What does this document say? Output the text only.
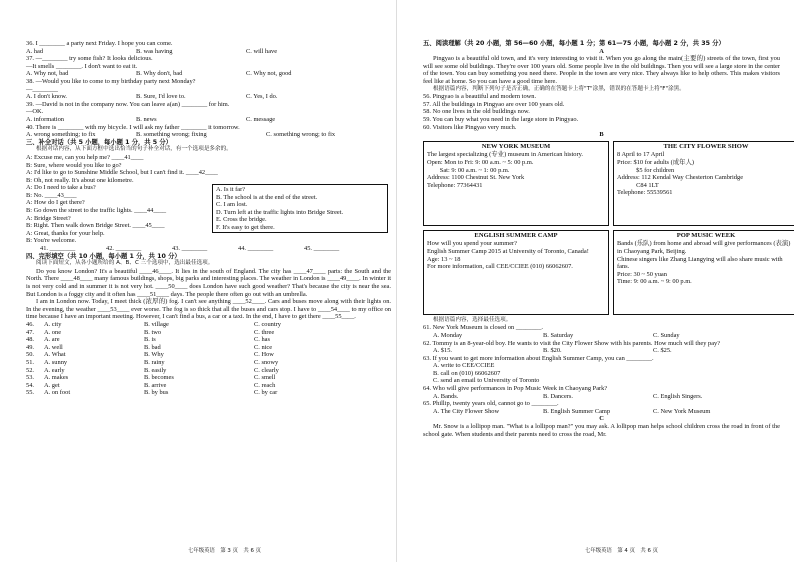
36. I ________ a party next Friday. I hope you can come.
A. had	B. was having	C. will have
37. —________ try some fish? It looks delicious.
—It smells ________. I don't want to eat it.
A. Why not, bad	B. Why don't, bad	C. Why not, good
38. —Would you like to come to my birthday party next Monday?
—________
A. I don't know.	B. Sure, I'd love to.	C. Yes, I do.
39. —David is not in the company now. You can leave a(an) ________ for him.
—OK.
A. information	B. news	C. message
40. There is ________ with my bicycle. I will ask my father ________ it tomorrow.
A. wrong something; to fix	B. something wrong; fixing	C. something wrong; to fix
三、补全对话（共 5 小题，每小题 1 分，共 5 分）
根据对话内容，从下面方框中选出恰当的句子补全对话，有一个选项是多余的。
A: Excuse me, can you help me? ____41____
B: Sure, where would you like to go?
A: I'd like to go to Sunshine Middle School, but I can't find it. ____42____
B: Oh, not really. It's about one kilometre.
A: Do I need to take a bus?
B: No. ____43____
A: How do I get there?
B: Go down the street to the traffic lights. ____44____
A: Bridge Street?
B: Right. Then walk down Bridge Street. ____45____
A: Great, thanks for your help.
B: You're welcome.
A. Is it far?
B. The school is at the end of the street.
C. I am lost.
D. Turn left at the traffic lights into Bridge Street.
E. Cross the bridge.
F. It's easy to get there.
41. ________	42. ________	43. ________	44. ________	45. ________
四、完形填空（共 10 小题，每小题 1 分，共 10 分）
阅读下面短文，从各小题所给的 A、B、C 三个选项中，选出最佳选项。
Do you know London? It's a beautiful ____46____. It lies in the south of England. The city has ____47____ parts: the South and the North. There ____48____ many famous buildings, shops, big parks and interesting places. The weather in London is ____49____. In winter it is not very cold and in summer it is not very hot. ____50____ does London have such good weather? That's because the city is near the sea. But London is a foggy city and it often has ____51____ days. The people there often go out with an umbrella.
I am in London now. Today, I meet thick (浓厚的) fog. I can't see anything ____52____. Cars and buses move along with their lights on. In the evening, the weather ____53____ ever worse. The fog is so thick that all the buses and cars stop. I have to ____54____ to my office on time because I have an important meeting. However, I can't find a bus, a car or a taxi. In the end, I have to get there ____55____.
46.	A. city	B. village	C. country
47.	A. one	B. two	C. three
48.	A. are	B. is	C. has
49.	A. well	B. bad	C. nice
50.	A. What	B. Why	C. How
51.	A. sunny	B. rainy	C. snowy
52.	A. early	B. easily	C. clearly
53.	A. makes	B. becomes	C. smell
54.	A. get	B. arrive	C. reach
55.	A. on foot	B. by bus	C. by car
七年级英语　第 3 页　共 6 页
五、阅读理解（共 20 小题，第 56—60 小题，每小题 1 分；第 61—75 小题，每小题 2 分，共 35 分）
A
Pingyao is a beautiful old town, and it's very interesting to visit it. When you go along the main(主要的) streets of the town, first you will see some old buildings. They're over 100 years old. Some people live in the old buildings. Then you will see a large store in the center of the town. You can buy something you need there. People in the town are very nice. They always like to help others. This makes visitors feel like at home. So you can have a good time here.
根据语篇内容，判断下列句子是否正确，正确的在答题卡上将"T"涂黑，错误的在答题卡上将"F"涂黑。
56. Pingyao is a beautiful and modern town.
57. All the buildings in Pingyao are over 100 years old.
58. No one lives in the old buildings now.
59. You can buy what you need in the large store in Pingyao.
60. Visitors like Pingyao very much.
B
NEW YORK MUSEUM
The largest specializing (专业) museum in American history.
Open: Mon to Fri: 9: 00 a.m. ~ 5: 00 p.m.
　　Sat: 9: 00 a.m. ~ 1: 00 p.m.
Address: 1100 Chestnut St. New York
Telephone: 77364431
THE CITY FLOWER SHOW
8 April to 17 April
Price: $10 for adults (成年人)
　　　$5 for children
Address: 112 Kendal Way Chesterton Cambridge
　　　C84 1LT
Telephone: 55539561
ENGLISH SUMMER CAMP
How will you spend your summer?
English Summer Camp 2015 at University of Toronto, Canada!
Age: 13 ~ 18
For more information, call CEE/CCIEE (010) 66062607.
POP MUSIC WEEK
Bands (乐队) from home and abroad will give performances (表演) in Chaoyang Park, Beijing.
Chinese singers like Zhang Liangying will also share music with fans.
Price: 30 ~ 50 yuan
Time: 9: 00 a.m. ~ 9: 00 p.m.
根据语篇内容，选择最佳选项。
61. New York Museum is closed on ________.
A. Monday	B. Saturday	C. Sunday
62. Tommy is an 8-year-old boy. He wants to visit the City Flower Show with his parents. How much will they pay?
A. $15.	B. $20.	C. $25.
63. If you want to get more information about English Summer Camp, you can ________.
A. write to CEE/CCIEE
B. call on (010) 66062607
C. send an email to University of Toronto
64. Who will give performances in Pop Music Week in Chaoyang Park?
A. Bands.	B. Dancers.	C. English Singers.
65. Phillip, twenty years old, cannot go to ________.
A. The City Flower Show	B. English Summer Camp	C. New York Museum
C
Mr. Snow is a lollipop man. "What is a lollipop man?" you may ask. A lollipop man helps school children cross the road in front of the school gate. When students and their parents need to cross the road, Mr.
七年级英语　第 4 页　共 6 页
